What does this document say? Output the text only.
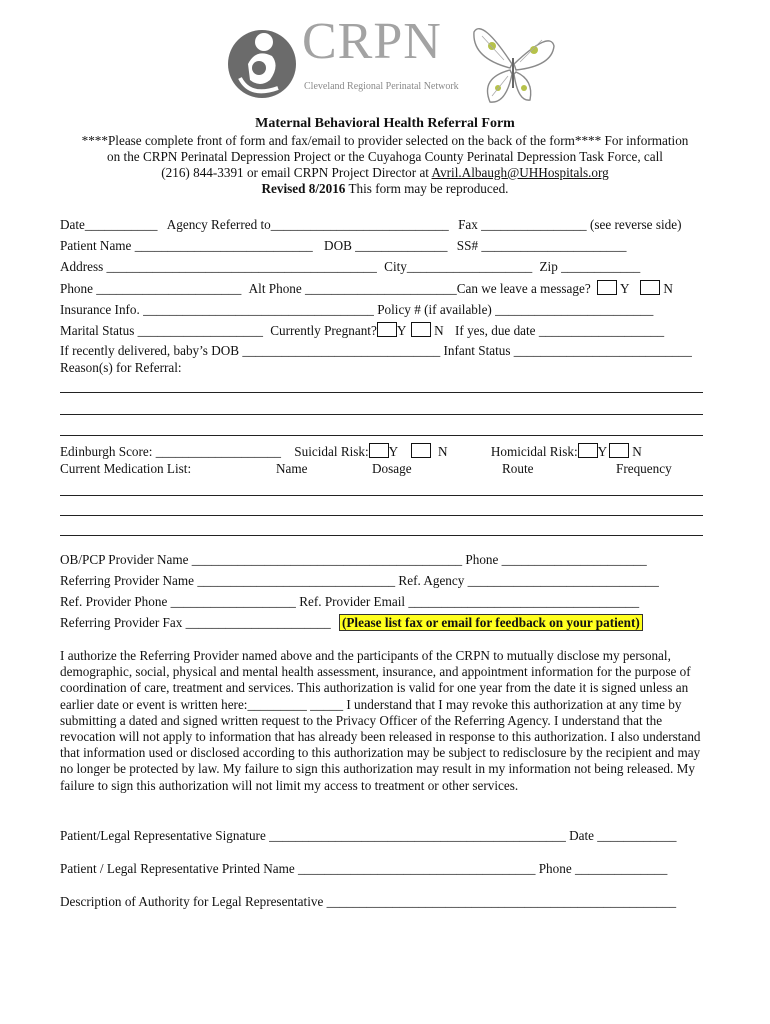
CRPN
Cleveland Regional Perinatal Network
Maternal Behavioral Health Referral Form
****Please complete front of form and fax/email to provider selected on the back of the form**** For information
on the CRPN Perinatal Depression Project or the Cuyahoga County Perinatal Depression Task Force, call
(216) 844-3391 or email CRPN Project Director at Avril.Albaugh@UHHospitals.org
Revised 8/2016 This form may be reproduced.
Date___________ Agency Referred to___________________________ Fax ________________ (see reverse side)
Patient Name ___________________________ DOB ______________ SS# ______________________
Address _________________________________________ City___________________ Zip ____________
Phone ______________________ Alt Phone _______________________Can we leave a message? Y	N
Insurance Info. ___________________________________ Policy # (if available) ________________________
Marital Status ___________________ Currently Pregnant? Y N If yes, due date ___________________
If recently delivered, baby’s DOB ______________________________ Infant Status ___________________________
Reason(s) for Referral:
Edinburgh Score: ___________________ Suicidal Risk: Y	N	Homicidal Risk: Y N
Current Medication List:	Name	Dosage	Route	Frequency
OB/PCP Provider Name _________________________________________ Phone ______________________
Referring Provider Name ______________________________ Ref. Agency _____________________________
Ref. Provider Phone ___________________ Ref. Provider Email ___________________________________
Referring Provider Fax ______________________ (Please list fax or email for feedback on your patient)
I authorize the Referring Provider named above and the participants of the CRPN to mutually disclose my personal, demographic, social, physical and mental health assessment, insurance, and appointment information for the purpose of coordination of care, treatment and services. This authorization is valid for one year from the date it is signed unless an earlier date or event is written here:_________ _____ I understand that I may revoke this authorization at any time by submitting a dated and signed written request to the Privacy Officer of the Referring Agency. I understand that the revocation will not apply to information that has already been released in response to this authorization. I also understand that information used or disclosed according to this authorization may be subject to redisclosure by the recipient and may no longer be protected by law. My failure to sign this authorization may result in my information not being released. My failure to sign this authorization will not limit my access to treatment or other services.
Patient/Legal Representative Signature _____________________________________________ Date ____________
Patient / Legal Representative Printed Name ____________________________________ Phone ______________
Description of Authority for Legal Representative _____________________________________________________
